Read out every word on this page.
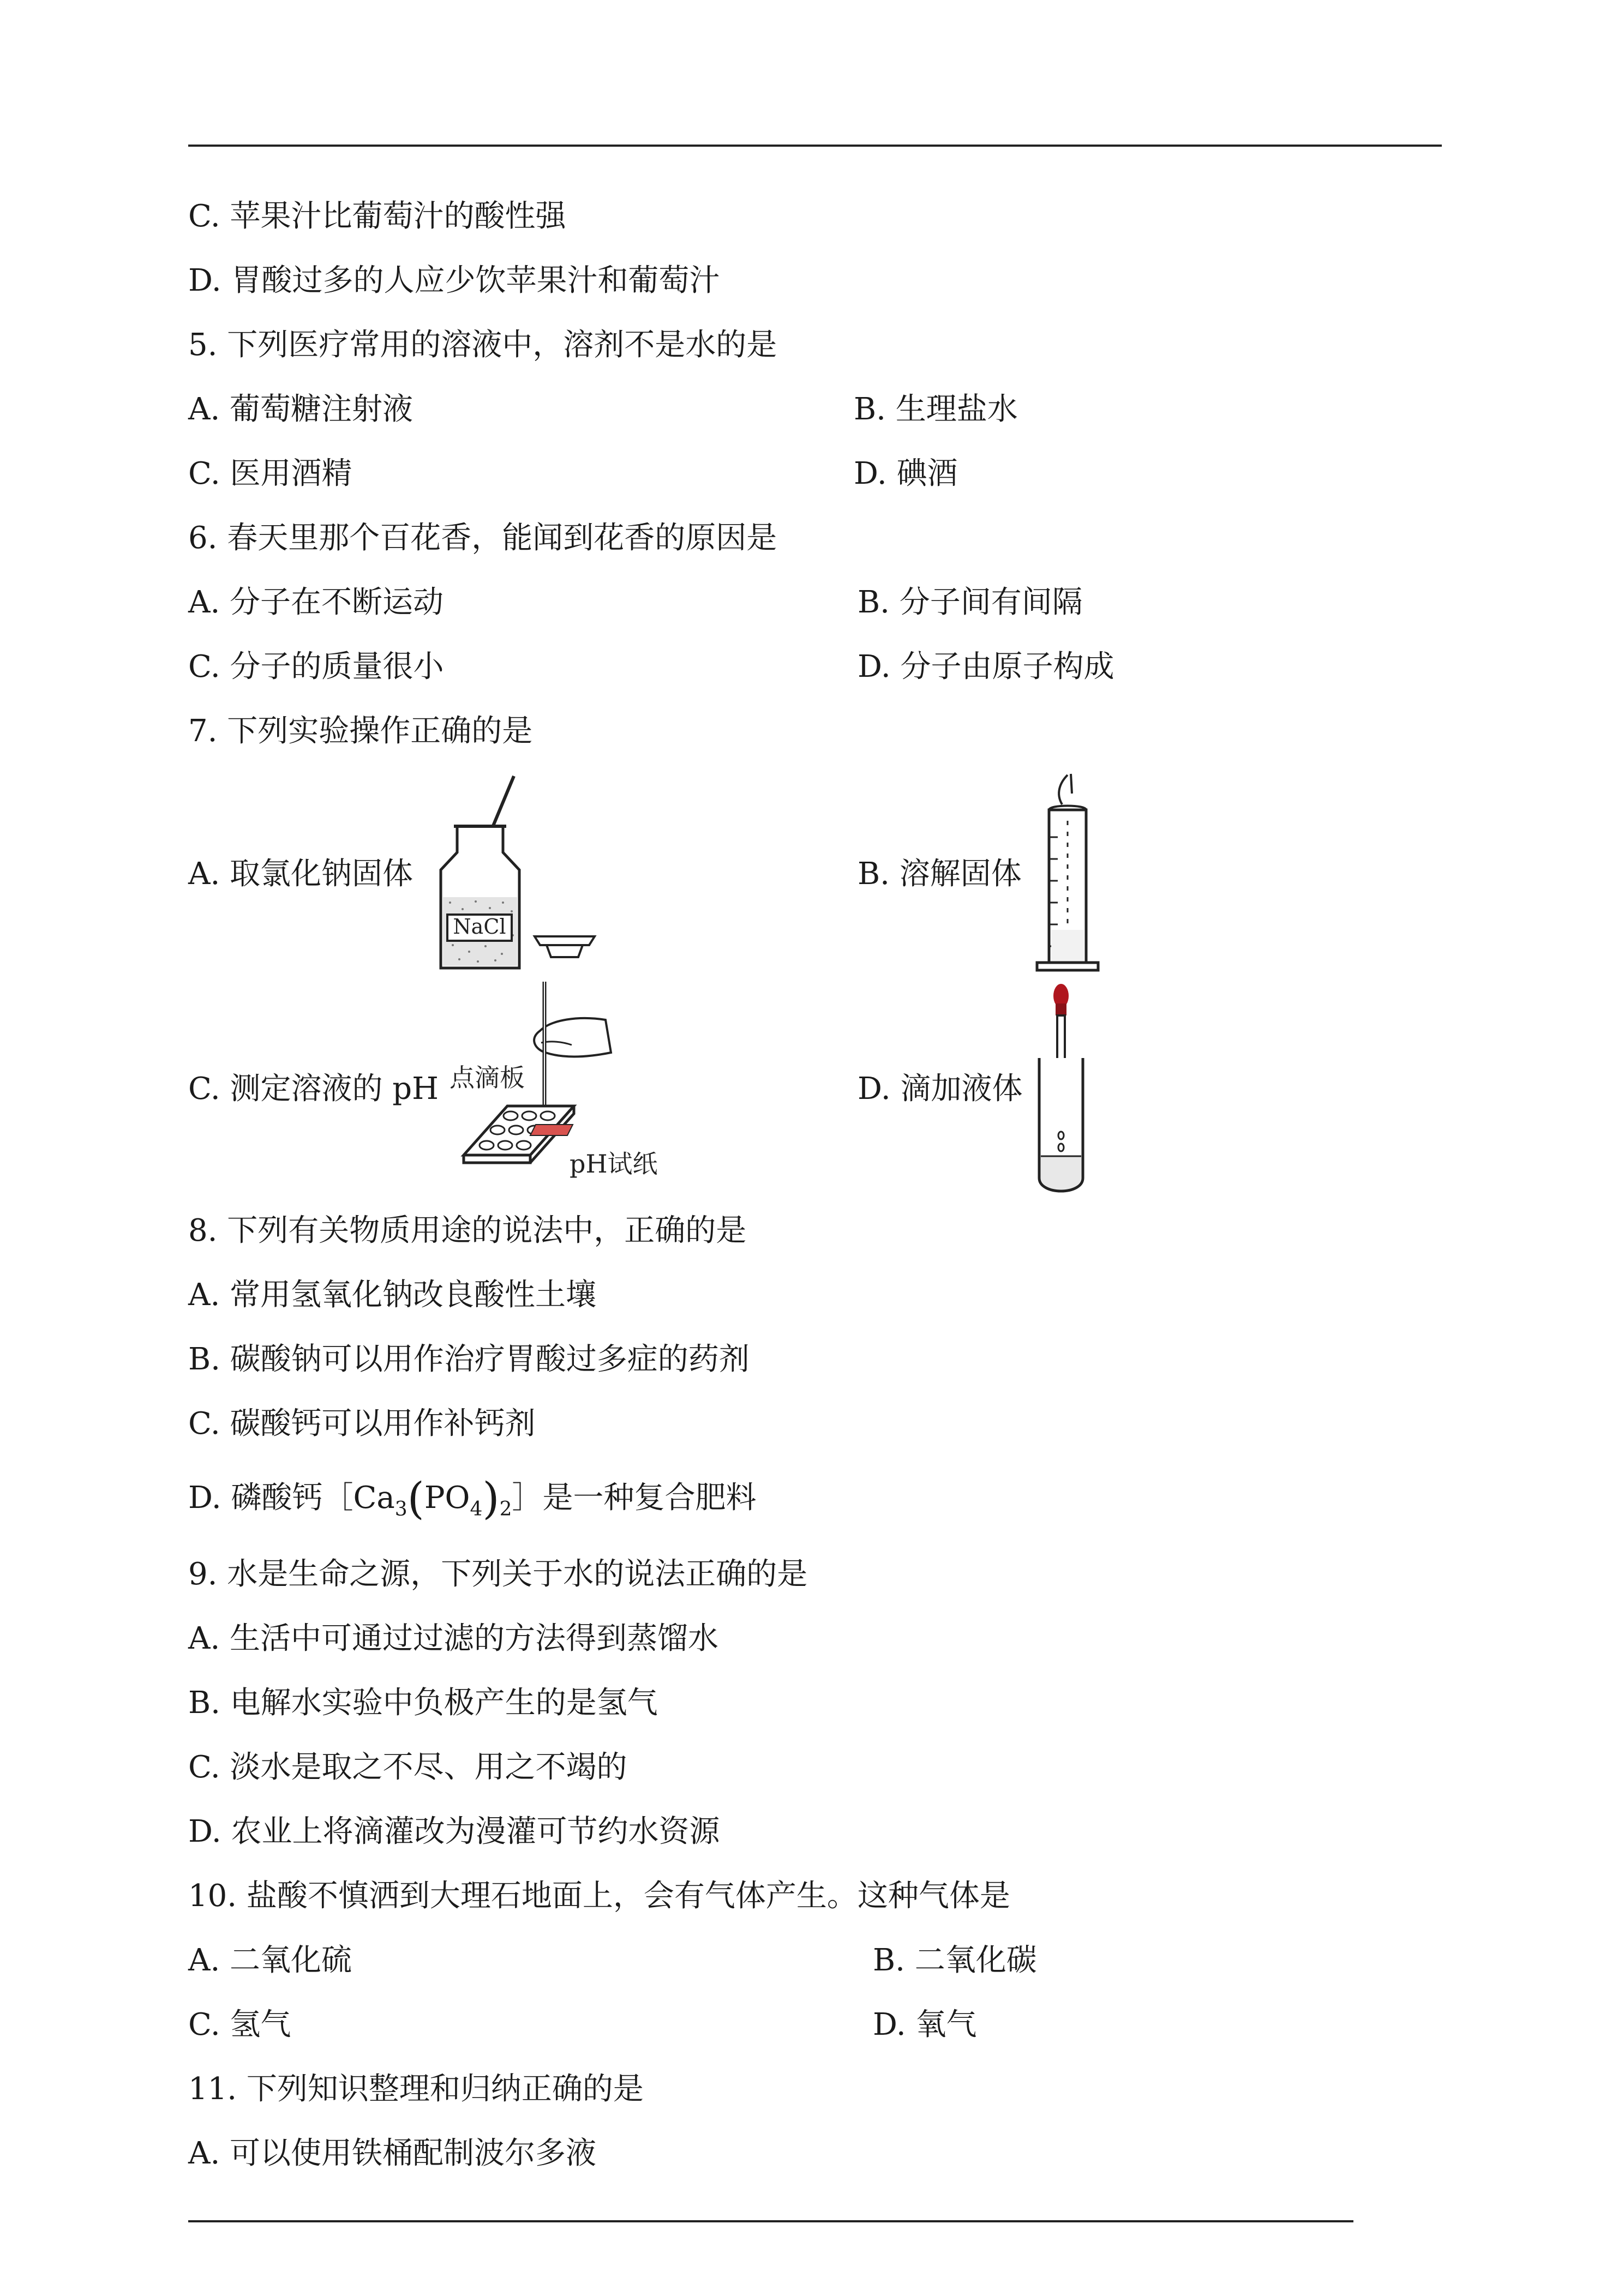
C. 苹果汁比葡萄汁的酸性强
D. 胃酸过多的人应少饮苹果汁和葡萄汁
5. 下列医疗常用的溶液中，溶剂不是水的是
A. 葡萄糖注射液	B. 生理盐水
C. 医用酒精	D. 碘酒
6. 春天里那个百花香，能闻到花香的原因是
A. 分子在不断运动	B. 分子间有间隔
C. 分子的质量很小	D. 分子由原子构成
7. 下列实验操作正确的是
A. 取氯化钠固体	B. 溶解固体
C. 测定溶液的 pH	D. 滴加液体
NaCl
点滴板
pH试纸
8. 下列有关物质用途的说法中，正确的是
A. 常用氢氧化钠改良酸性土壤
B. 碳酸钠可以用作治疗胃酸过多症的药剂
C. 碳酸钙可以用作补钙剂
D. 磷酸钙$[Ca_3(PO_4)_2]$是一种复合肥料
9. 水是生命之源，下列关于水的说法正确的是
A. 生活中可通过过滤的方法得到蒸馏水
B. 电解水实验中负极产生的是氢气
C. 淡水是取之不尽、用之不竭的
D. 农业上将滴灌改为漫灌可节约水资源
10. 盐酸不慎洒到大理石地面上，会有气体产生。这种气体是
A. 二氧化硫	B. 二氧化碳
C. 氢气	D. 氧气
11. 下列知识整理和归纳正确的是
A. 可以使用铁桶配制波尔多液
